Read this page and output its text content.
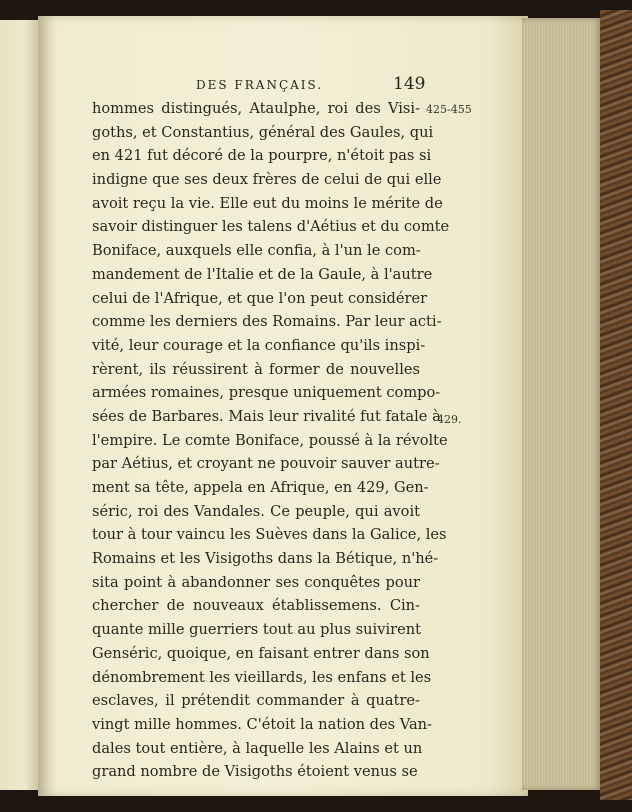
DES FRANÇAIS.	149
hommes distingués, Ataulphe, roi des Visi-
goths, et Constantius, général des Gaules, qui
en 421 fut décoré de la pourpre, n'étoit pas si
indigne que ses deux frères de celui de qui elle
avoit reçu la vie. Elle eut du moins le mérite de
savoir distinguer les talens d'Aétius et du comte
Boniface, auxquels elle confia, à l'un le com-
mandement de l'Italie et de la Gaule, à l'autre
celui de l'Afrique, et que l'on peut considérer
comme les derniers des Romains. Par leur acti-
vité, leur courage et la confiance qu'ils inspi-
rèrent, ils réussirent à former de nouvelles
armées romaines, presque uniquement compo-
sées de Barbares. Mais leur rivalité fut fatale à
l'empire. Le comte Boniface, poussé à la révolte
par Aétius, et croyant ne pouvoir sauver autre-
ment sa tête, appela en Afrique, en 429, Gen-
séric, roi des Vandales. Ce peuple, qui avoit
tour à tour vaincu les Suèves dans la Galice, les
Romains et les Visigoths dans la Bétique, n'hé-
sita point à abandonner ses conquêtes pour
chercher de nouveaux établissemens. Cin-
quante mille guerriers tout au plus suivirent
Genséric, quoique, en faisant entrer dans son
dénombrement les vieillards, les enfans et les
esclaves, il prétendit commander à quatre-
vingt mille hommes. C'étoit la nation des Van-
dales tout entière, à laquelle les Alains et un
grand nombre de Visigoths étoient venus se
425-455
429.
